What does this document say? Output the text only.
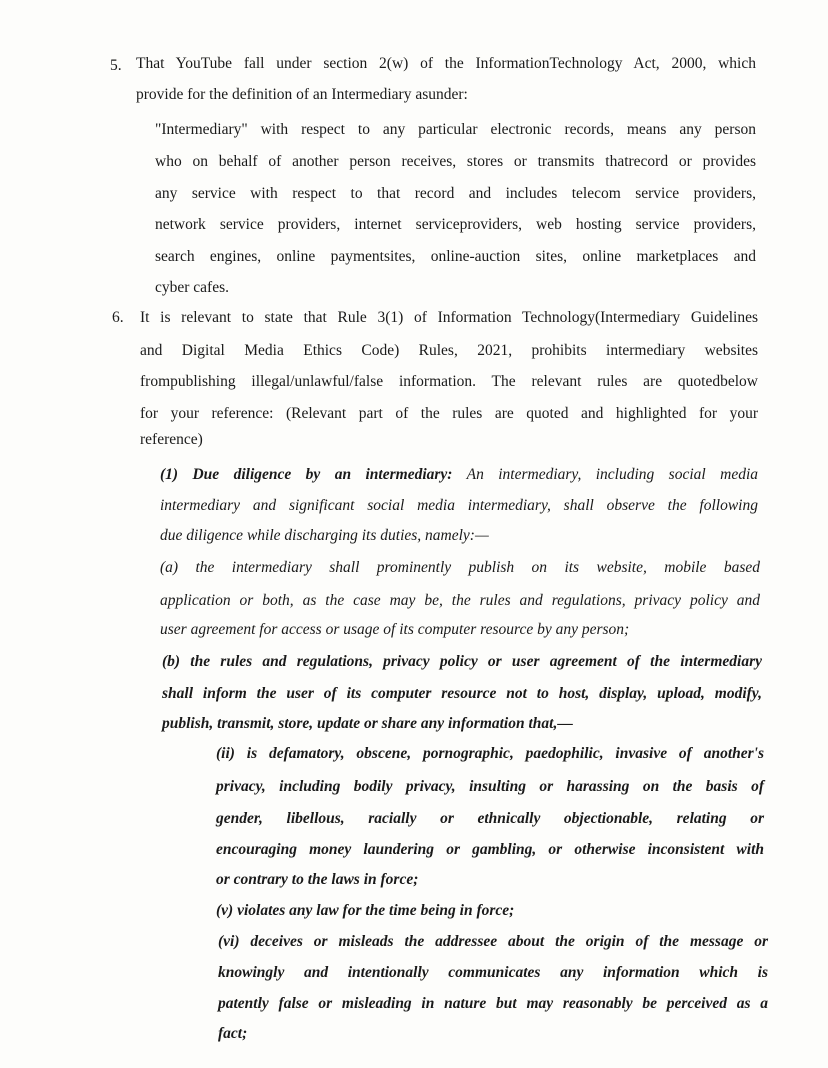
5. That YouTube fall under section 2(w) of the InformationTechnology Act, 2000, which
provide for the definition of an Intermediary asunder:
"Intermediary" with respect to any particular electronic records, means any person
who on behalf of another person receives, stores or transmits thatrecord or provides
any service with respect to that record and includes telecom service providers,
network service providers, internet serviceproviders, web hosting service providers,
search engines, online paymentsites, online-auction sites, online marketplaces and
cyber cafes.
6. It is relevant to state that Rule 3(1) of Information Technology(Intermediary Guidelines
and Digital Media Ethics Code) Rules, 2021, prohibits intermediary websites
frompublishing illegal/unlawful/false information. The relevant rules are quotedbelow
for your reference: (Relevant part of the rules are quoted and highlighted for your
reference)
(1) Due diligence by an intermediary: An intermediary, including social media
intermediary and significant social media intermediary, shall observe the following
due diligence while discharging its duties, namely:—
(a) the intermediary shall prominently publish on its website, mobile based
application or both, as the case may be, the rules and regulations, privacy policy and
user agreement for access or usage of its computer resource by any person;
(b) the rules and regulations, privacy policy or user agreement of the intermediary
shall inform the user of its computer resource not to host, display, upload, modify,
publish, transmit, store, update or share any information that,—
(ii) is defamatory, obscene, pornographic, paedophilic, invasive of another's
privacy, including bodily privacy, insulting or harassing on the basis of
gender, libellous, racially or ethnically objectionable, relating or
encouraging money laundering or gambling, or otherwise inconsistent with
or contrary to the laws in force;
(v) violates any law for the time being in force;
(vi) deceives or misleads the addressee about the origin of the message or
knowingly and intentionally communicates any information which is
patently false or misleading in nature but may reasonably be perceived as a
fact;
